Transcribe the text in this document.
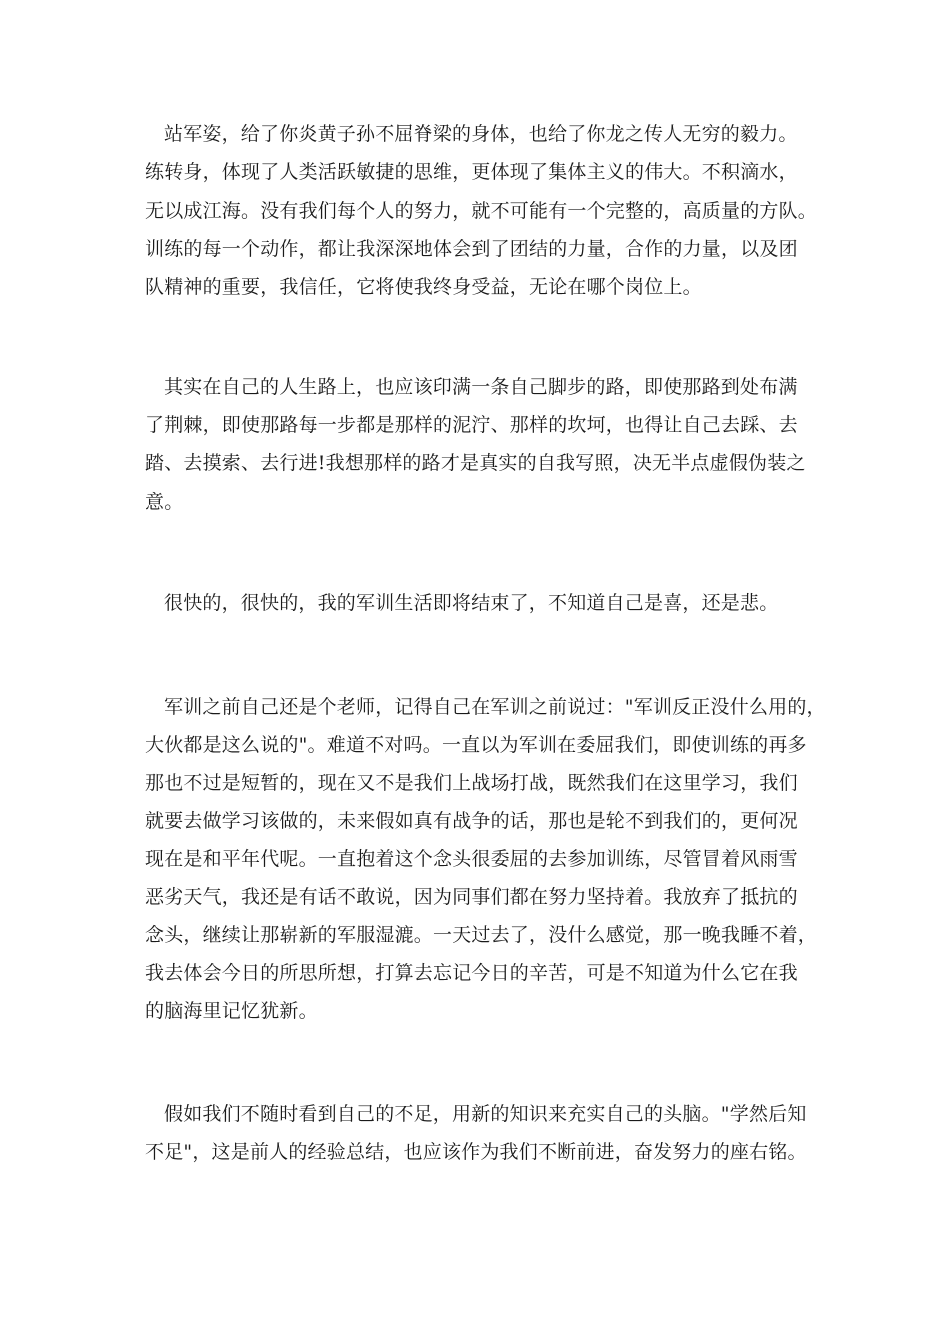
站军姿，给了你炎黄子孙不屈脊梁的身体，也给了你龙之传人无穷的毅力。
练转身，体现了人类活跃敏捷的思维，更体现了集体主义的伟大。不积滴水，
无以成江海。没有我们每个人的努力，就不可能有一个完整的，高质量的方队。
训练的每一个动作，都让我深深地体会到了团结的力量，合作的力量，以及团
队精神的重要，我信任，它将使我终身受益，无论在哪个岗位上。
其实在自己的人生路上，也应该印满一条自己脚步的路，即使那路到处布满
了荆棘，即使那路每一步都是那样的泥泞、那样的坎坷，也得让自己去踩、去
踏、去摸索、去行进!我想那样的路才是真实的自我写照，决无半点虚假伪装之
意。
很快的，很快的，我的军训生活即将结束了，不知道自己是喜，还是悲。
军训之前自己还是个老师，记得自己在军训之前说过："军训反正没什么用的，
大伙都是这么说的"。难道不对吗。一直以为军训在委屈我们，即使训练的再多
那也不过是短暂的，现在又不是我们上战场打战，既然我们在这里学习，我们
就要去做学习该做的，未来假如真有战争的话，那也是轮不到我们的，更何况
现在是和平年代呢。一直抱着这个念头很委屈的去参加训练，尽管冒着风雨雪
恶劣天气，我还是有话不敢说，因为同事们都在努力坚持着。我放弃了抵抗的
念头，继续让那崭新的军服湿漉。一天过去了，没什么感觉，那一晚我睡不着，
我去体会今日的所思所想，打算去忘记今日的辛苦，可是不知道为什么它在我
的脑海里记忆犹新。
假如我们不随时看到自己的不足，用新的知识来充实自己的头脑。"学然后知
不足"，这是前人的经验总结，也应该作为我们不断前进，奋发努力的座右铭。
